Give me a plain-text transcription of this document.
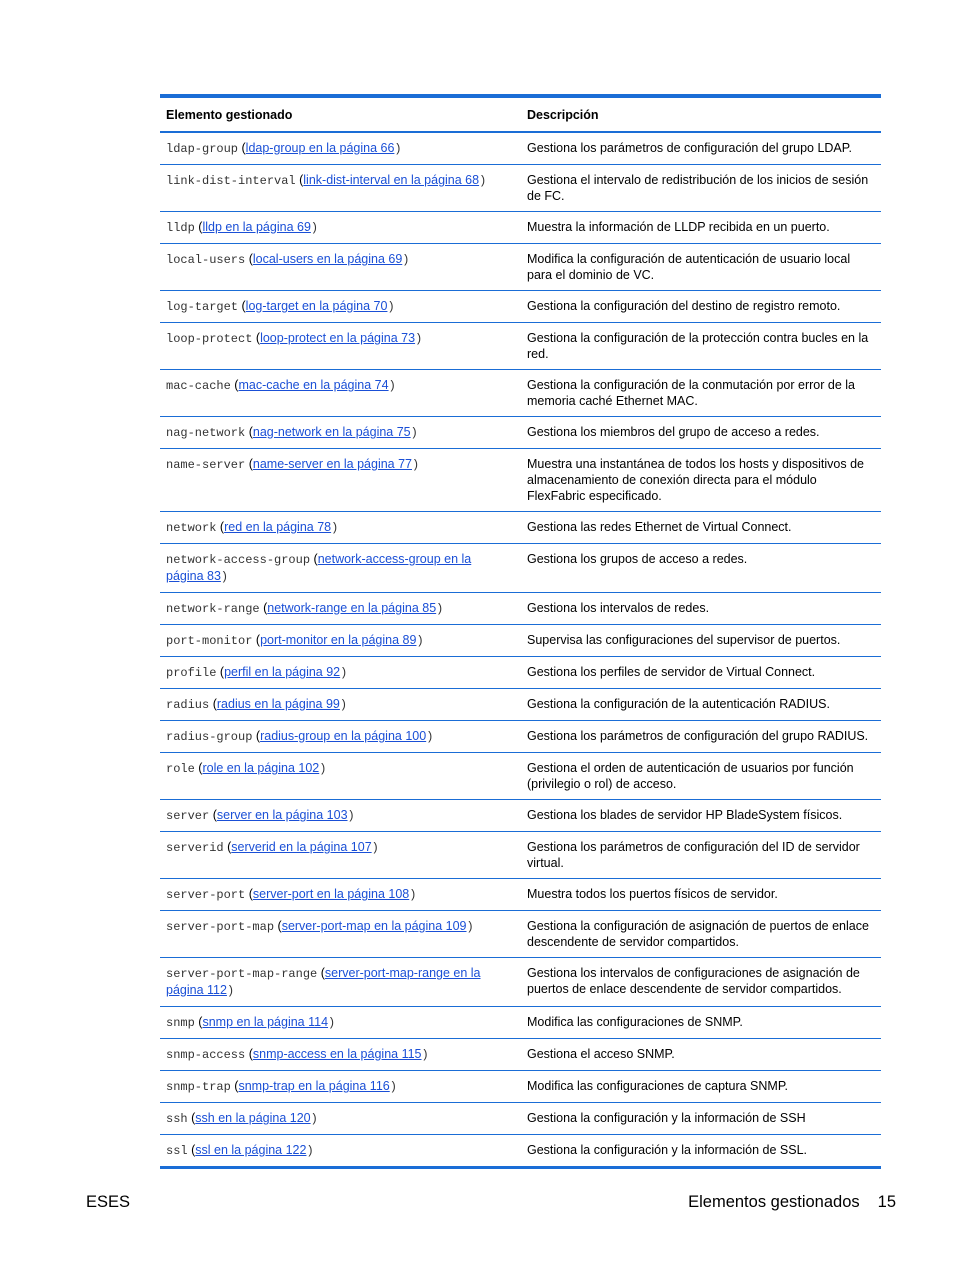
Elemento gestionado	Descripción
ldap-group (ldap-group en la página 66)	Gestiona los parámetros de configuración del grupo LDAP.
link-dist-interval (link-dist-interval en la página 68)	Gestiona el intervalo de redistribución de los inicios de sesión de FC.
lldp (lldp en la página 69)	Muestra la información de LLDP recibida en un puerto.
local-users (local-users en la página 69)	Modifica la configuración de autenticación de usuario local para el dominio de VC.
log-target (log-target en la página 70)	Gestiona la configuración del destino de registro remoto.
loop-protect (loop-protect en la página 73)	Gestiona la configuración de la protección contra bucles en la red.
mac-cache (mac-cache en la página 74)	Gestiona la configuración de la conmutación por error de la memoria caché Ethernet MAC.
nag-network (nag-network en la página 75)	Gestiona los miembros del grupo de acceso a redes.
name-server (name-server en la página 77)	Muestra una instantánea de todos los hosts y dispositivos de almacenamiento de conexión directa para el módulo FlexFabric especificado.
network (red en la página 78)	Gestiona las redes Ethernet de Virtual Connect.
network-access-group (network-access-group en la página 83)	Gestiona los grupos de acceso a redes.
network-range (network-range en la página 85)	Gestiona los intervalos de redes.
port-monitor (port-monitor en la página 89)	Supervisa las configuraciones del supervisor de puertos.
profile (perfil en la página 92)	Gestiona los perfiles de servidor de Virtual Connect.
radius (radius en la página 99)	Gestiona la configuración de la autenticación RADIUS.
radius-group (radius-group en la página 100)	Gestiona los parámetros de configuración del grupo RADIUS.
role (role en la página 102)	Gestiona el orden de autenticación de usuarios por función (privilegio o rol) de acceso.
server (server en la página 103)	Gestiona los blades de servidor HP BladeSystem físicos.
serverid (serverid en la página 107)	Gestiona los parámetros de configuración del ID de servidor virtual.
server-port (server-port en la página 108)	Muestra todos los puertos físicos de servidor.
server-port-map (server-port-map en la página 109)	Gestiona la configuración de asignación de puertos de enlace descendente de servidor compartidos.
server-port-map-range (server-port-map-range en la página 112)	Gestiona los intervalos de configuraciones de asignación de puertos de enlace descendente de servidor compartidos.
snmp (snmp en la página 114)	Modifica las configuraciones de SNMP.
snmp-access (snmp-access en la página 115)	Gestiona el acceso SNMP.
snmp-trap (snmp-trap en la página 116)	Modifica las configuraciones de captura SNMP.
ssh (ssh en la página 120)	Gestiona la configuración y la información de SSH
ssl (ssl en la página 122)	Gestiona la configuración y la información de SSL.
ESES	Elementos gestionados 15
